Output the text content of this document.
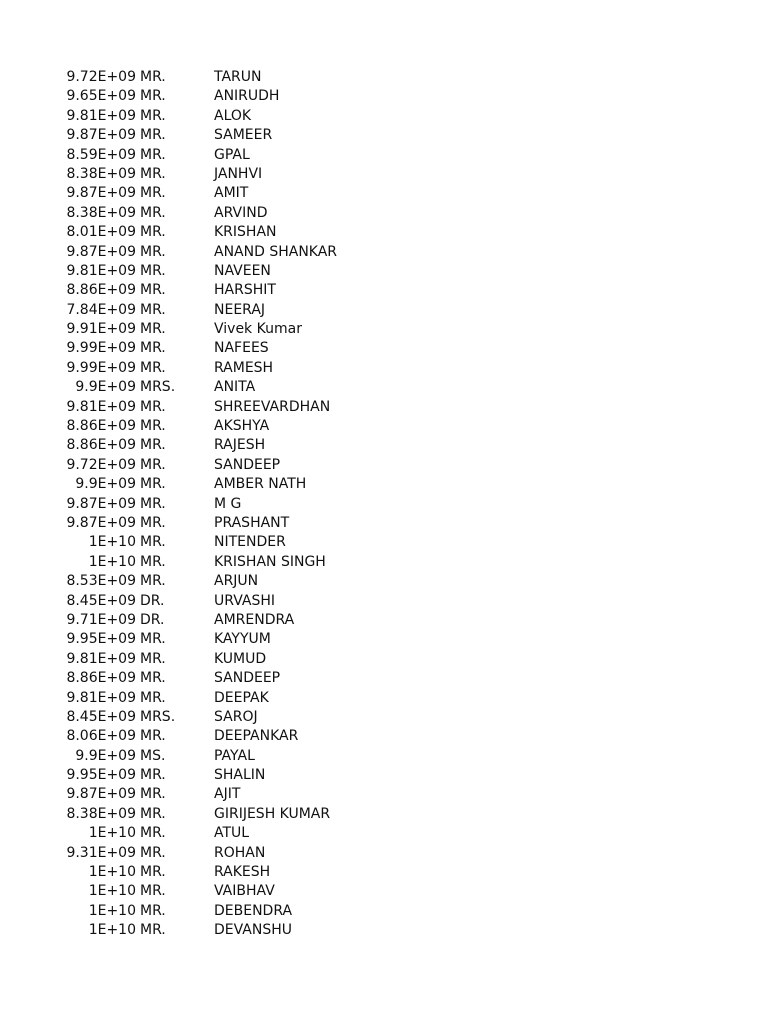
9.72E+09 MR.	TARUN
9.65E+09 MR.	ANIRUDH
9.81E+09 MR.	ALOK
9.87E+09 MR.	SAMEER
8.59E+09 MR.	GPAL
8.38E+09 MR.	JANHVI
9.87E+09 MR.	AMIT
8.38E+09 MR.	ARVIND
8.01E+09 MR.	KRISHAN
9.87E+09 MR.	ANAND SHANKAR
9.81E+09 MR.	NAVEEN
8.86E+09 MR.	HARSHIT
7.84E+09 MR.	NEERAJ
9.91E+09 MR.	Vivek Kumar
9.99E+09 MR.	NAFEES
9.99E+09 MR.	RAMESH
9.9E+09 MRS.	ANITA
9.81E+09 MR.	SHREEVARDHAN
8.86E+09 MR.	AKSHYA
8.86E+09 MR.	RAJESH
9.72E+09 MR.	SANDEEP
9.9E+09 MR.	AMBER NATH
9.87E+09 MR.	M G
9.87E+09 MR.	PRASHANT
1E+10 MR.	NITENDER
1E+10 MR.	KRISHAN SINGH
8.53E+09 MR.	ARJUN
8.45E+09 DR.	URVASHI
9.71E+09 DR.	AMRENDRA
9.95E+09 MR.	KAYYUM
9.81E+09 MR.	KUMUD
8.86E+09 MR.	SANDEEP
9.81E+09 MR.	DEEPAK
8.45E+09 MRS.	SAROJ
8.06E+09 MR.	DEEPANKAR
9.9E+09 MS.	PAYAL
9.95E+09 MR.	SHALIN
9.87E+09 MR.	AJIT
8.38E+09 MR.	GIRIJESH KUMAR
1E+10 MR.	ATUL
9.31E+09 MR.	ROHAN
1E+10 MR.	RAKESH
1E+10 MR.	VAIBHAV
1E+10 MR.	DEBENDRA
1E+10 MR.	DEVANSHU
